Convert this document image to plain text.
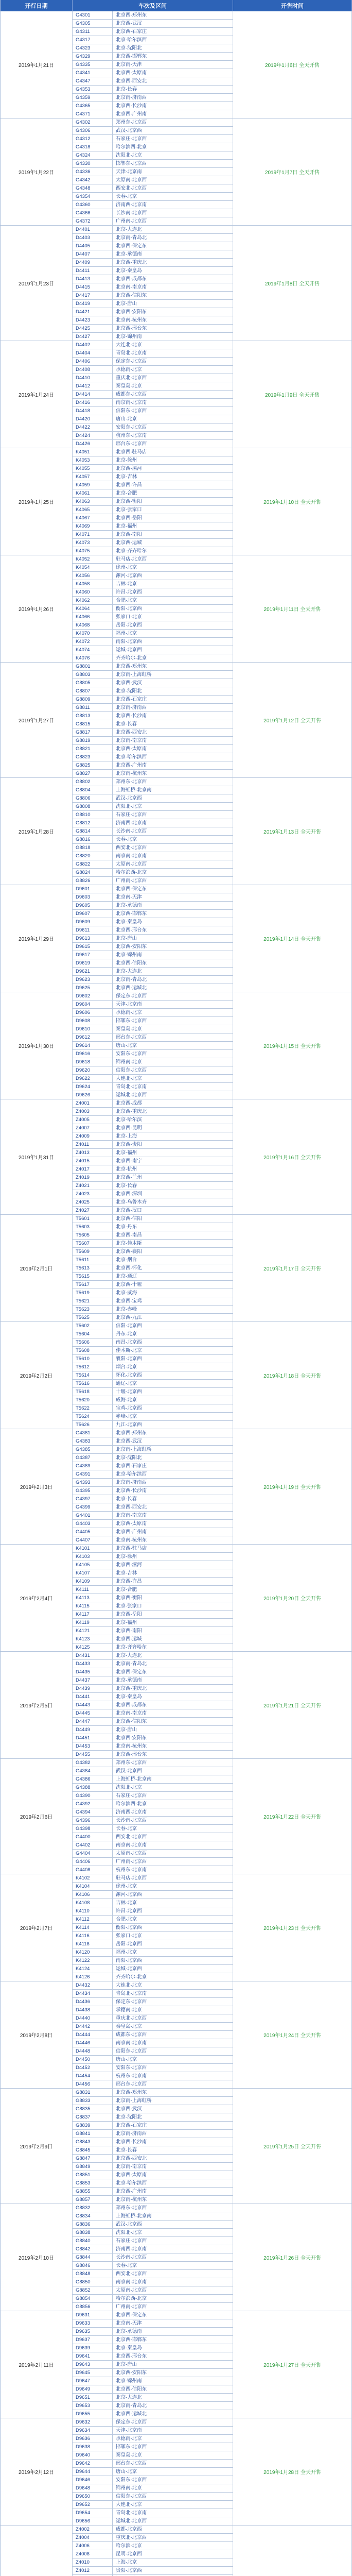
开行日期	车次及区间	开售时间
2019年1月21日
G4301	北京西-郑州东
G4305	北京西-武汉
G4311	北京西-石家庄
G4317	北京-哈尔滨西
G4323	北京-沈阳北
G4329	北京西-邯郸东
G4335	北京南-天津
G4341	北京西-太原南
G4347	北京西-西安北
G4353	北京-长春
G4359	北京南-济南西
G4365	北京西-长沙南
G4371	北京西-广州南
2019年1月6日 全天开售
2019年1月22日
G4302	郑州东-北京西
G4306	武汉-北京西
G4312	石家庄-北京西
G4318	哈尔滨西-北京
G4324	沈阳北-北京
G4330	邯郸东-北京西
G4336	天津-北京南
G4342	太原南-北京西
G4348	西安北-北京西
G4354	长春-北京
G4360	济南西-北京南
G4366	长沙南-北京西
G4372	广州南-北京西
2019年1月7日 全天开售
2019年1月23日
D4401	北京-大连北
D4403	北京南-青岛北
D4405	北京西-保定东
D4407	北京-承德南
D4409	北京西-重庆北
D4411	北京-秦皇岛
D4413	北京西-成都东
D4415	北京南-南京南
D4417	北京西-信阳东
D4419	北京-唐山
D4421	北京西-安阳东
D4423	北京南-杭州东
D4425	北京西-邢台东
D4427	北京-锦州南
2019年1月8日 全天开售
2019年1月24日
D4402	大连北-北京
D4404	青岛北-北京南
D4406	保定东-北京西
D4408	承德南-北京
D4410	重庆北-北京西
D4412	秦皇岛-北京
D4414	成都东-北京西
D4416	南京南-北京南
D4418	信阳东-北京西
D4420	唐山-北京
D4422	安阳东-北京西
D4424	杭州东-北京南
D4426	邢台东-北京西
2019年1月9日 全天开售
2019年1月25日
K4051	北京西-驻马店
K4053	北京-徐州
K4055	北京西-漯河
K4057	北京-吉林
K4059	北京西-许昌
K4061	北京-合肥
K4063	北京西-衡阳
K4065	北京-张家口
K4067	北京西-岳阳
K4069	北京-福州
K4071	北京西-南阳
K4073	北京西-运城
K4075	北京-齐齐哈尔
2019年1月10日 全天开售
2019年1月26日
K4052	驻马店-北京西
K4054	徐州-北京
K4056	漯河-北京西
K4058	吉林-北京
K4060	许昌-北京西
K4062	合肥-北京
K4064	衡阳-北京西
K4066	张家口-北京
K4068	岳阳-北京西
K4070	福州-北京
K4072	南阳-北京西
K4074	运城-北京西
K4076	齐齐哈尔-北京
2019年1月11日 全天开售
2019年1月27日
G8801	北京西-郑州东
G8803	北京南-上海虹桥
G8805	北京西-武汉
G8807	北京-沈阳北
G8809	北京西-石家庄
G8811	北京南-济南西
G8813	北京西-长沙南
G8815	北京-长春
G8817	北京西-西安北
G8819	北京南-南京南
G8821	北京西-太原南
G8823	北京-哈尔滨西
G8825	北京西-广州南
G8827	北京南-杭州东
2019年1月12日 全天开售
2019年1月28日
G8802	郑州东-北京西
G8804	上海虹桥-北京南
G8806	武汉-北京西
G8808	沈阳北-北京
G8810	石家庄-北京西
G8812	济南西-北京南
G8814	长沙南-北京西
G8816	长春-北京
G8818	西安北-北京西
G8820	南京南-北京南
G8822	太原南-北京西
G8824	哈尔滨西-北京
G8826	广州南-北京西
2019年1月13日 全天开售
2019年1月29日
D9601	北京西-保定东
D9603	北京南-天津
D9605	北京-承德南
D9607	北京西-邯郸东
D9609	北京-秦皇岛
D9611	北京西-邢台东
D9613	北京-唐山
D9615	北京西-安阳东
D9617	北京-锦州南
D9619	北京西-信阳东
D9621	北京-大连北
D9623	北京南-青岛北
D9625	北京西-运城北
2019年1月14日 全天开售
2019年1月30日
D9602	保定东-北京西
D9604	天津-北京南
D9606	承德南-北京
D9608	邯郸东-北京西
D9610	秦皇岛-北京
D9612	邢台东-北京西
D9614	唐山-北京
D9616	安阳东-北京西
D9618	锦州南-北京
D9620	信阳东-北京西
D9622	大连北-北京
D9624	青岛北-北京南
D9626	运城北-北京西
2019年1月15日 全天开售
2019年1月31日
Z4001	北京西-成都
Z4003	北京西-重庆北
Z4005	北京-哈尔滨
Z4007	北京西-昆明
Z4009	北京-上海
Z4011	北京西-贵阳
Z4013	北京-福州
Z4015	北京西-南宁
Z4017	北京-杭州
Z4019	北京西-兰州
Z4021	北京-长春
Z4023	北京西-深圳
Z4025	北京-乌鲁木齐
Z4027	北京西-汉口
2019年1月16日 全天开售
2019年2月1日
T5601	北京西-信阳
T5603	北京-丹东
T5605	北京西-南昌
T5607	北京-佳木斯
T5609	北京西-襄阳
T5611	北京-烟台
T5613	北京西-怀化
T5615	北京-通辽
T5617	北京西-十堰
T5619	北京-威海
T5621	北京西-宝鸡
T5623	北京-赤峰
T5625	北京西-九江
2019年1月17日 全天开售
2019年2月2日
T5602	信阳-北京西
T5604	丹东-北京
T5606	南昌-北京西
T5608	佳木斯-北京
T5610	襄阳-北京西
T5612	烟台-北京
T5614	怀化-北京西
T5616	通辽-北京
T5618	十堰-北京西
T5620	威海-北京
T5622	宝鸡-北京西
T5624	赤峰-北京
T5626	九江-北京西
2019年1月18日 全天开售
2019年2月3日
G4381	北京西-郑州东
G4383	北京西-武汉
G4385	北京南-上海虹桥
G4387	北京-沈阳北
G4389	北京西-石家庄
G4391	北京-哈尔滨西
G4393	北京南-济南西
G4395	北京西-长沙南
G4397	北京-长春
G4399	北京西-西安北
G4401	北京南-南京南
G4403	北京西-太原南
G4405	北京西-广州南
G4407	北京南-杭州东
2019年1月19日 全天开售
2019年2月4日
K4101	北京西-驻马店
K4103	北京-徐州
K4105	北京西-漯河
K4107	北京-吉林
K4109	北京西-许昌
K4111	北京-合肥
K4113	北京西-衡阳
K4115	北京-张家口
K4117	北京西-岳阳
K4119	北京-福州
K4121	北京西-南阳
K4123	北京西-运城
K4125	北京-齐齐哈尔
2019年1月20日 全天开售
2019年2月5日
D4431	北京-大连北
D4433	北京南-青岛北
D4435	北京西-保定东
D4437	北京-承德南
D4439	北京西-重庆北
D4441	北京-秦皇岛
D4443	北京西-成都东
D4445	北京南-南京南
D4447	北京西-信阳东
D4449	北京-唐山
D4451	北京西-安阳东
D4453	北京南-杭州东
D4455	北京西-邢台东
2019年1月21日 全天开售
2019年2月6日
G4382	郑州东-北京西
G4384	武汉-北京西
G4386	上海虹桥-北京南
G4388	沈阳北-北京
G4390	石家庄-北京西
G4392	哈尔滨西-北京
G4394	济南西-北京南
G4396	长沙南-北京西
G4398	长春-北京
G4400	西安北-北京西
G4402	南京南-北京南
G4404	太原南-北京西
G4406	广州南-北京西
G4408	杭州东-北京南
2019年1月22日 全天开售
2019年2月7日
K4102	驻马店-北京西
K4104	徐州-北京
K4106	漯河-北京西
K4108	吉林-北京
K4110	许昌-北京西
K4112	合肥-北京
K4114	衡阳-北京西
K4116	张家口-北京
K4118	岳阳-北京西
K4120	福州-北京
K4122	南阳-北京西
K4124	运城-北京西
K4126	齐齐哈尔-北京
2019年1月23日 全天开售
2019年2月8日
D4432	大连北-北京
D4434	青岛北-北京南
D4436	保定东-北京西
D4438	承德南-北京
D4440	重庆北-北京西
D4442	秦皇岛-北京
D4444	成都东-北京西
D4446	南京南-北京南
D4448	信阳东-北京西
D4450	唐山-北京
D4452	安阳东-北京西
D4454	杭州东-北京南
D4456	邢台东-北京西
2019年1月24日 全天开售
2019年2月9日
G8831	北京西-郑州东
G8833	北京南-上海虹桥
G8835	北京西-武汉
G8837	北京-沈阳北
G8839	北京西-石家庄
G8841	北京南-济南西
G8843	北京西-长沙南
G8845	北京-长春
G8847	北京西-西安北
G8849	北京南-南京南
G8851	北京西-太原南
G8853	北京-哈尔滨西
G8855	北京西-广州南
G8857	北京南-杭州东
2019年1月25日 全天开售
2019年2月10日
G8832	郑州东-北京西
G8834	上海虹桥-北京南
G8836	武汉-北京西
G8838	沈阳北-北京
G8840	石家庄-北京西
G8842	济南西-北京南
G8844	长沙南-北京西
G8846	长春-北京
G8848	西安北-北京西
G8850	南京南-北京南
G8852	太原南-北京西
G8854	哈尔滨西-北京
G8856	广州南-北京西
2019年1月26日 全天开售
2019年2月11日
D9631	北京西-保定东
D9633	北京南-天津
D9635	北京-承德南
D9637	北京西-邯郸东
D9639	北京-秦皇岛
D9641	北京西-邢台东
D9643	北京-唐山
D9645	北京西-安阳东
D9647	北京-锦州南
D9649	北京西-信阳东
D9651	北京-大连北
D9653	北京南-青岛北
D9655	北京西-运城北
2019年1月27日 全天开售
2019年2月12日
D9632	保定东-北京西
D9634	天津-北京南
D9636	承德南-北京
D9638	邯郸东-北京西
D9640	秦皇岛-北京
D9642	邢台东-北京西
D9644	唐山-北京
D9646	安阳东-北京西
D9648	锦州南-北京
D9650	信阳东-北京西
D9652	大连北-北京
D9654	青岛北-北京南
D9656	运城北-北京西
2019年1月28日 全天开售
Z4002	成都-北京西
Z4004	重庆北-北京西
Z4006	哈尔滨-北京
Z4008	昆明-北京西
Z4010	上海-北京
Z4012	贵阳-北京西
